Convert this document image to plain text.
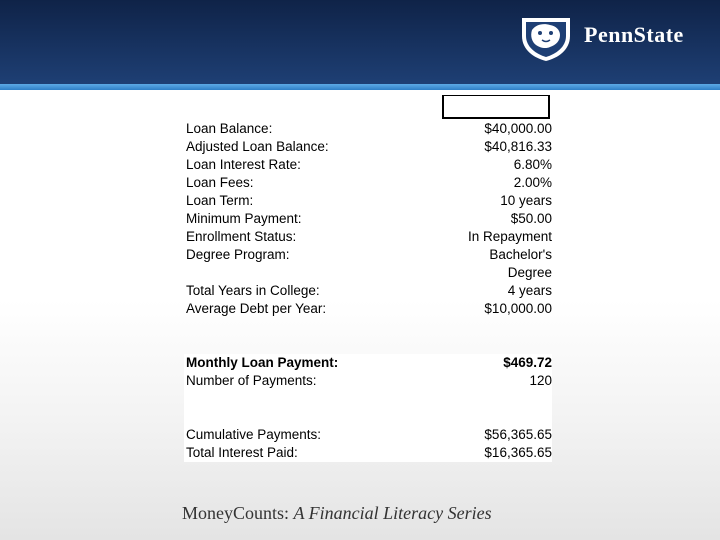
PennState
Loan Balance:	$40,000.00
Adjusted Loan Balance:	$40,816.33
Loan Interest Rate:	6.80%
Loan Fees:	2.00%
Loan Term:	10 years
Minimum Payment:	$50.00
Enrollment Status:	In Repayment
Degree Program:	Bachelor's
Degree
Total Years in College:	4 years
Average Debt per Year:	$10,000.00
Monthly Loan Payment:	$469.72
Number of Payments:	120
Cumulative Payments:	$56,365.65
Total Interest Paid:	$16,365.65
MoneyCounts: A Financial Literacy Series
